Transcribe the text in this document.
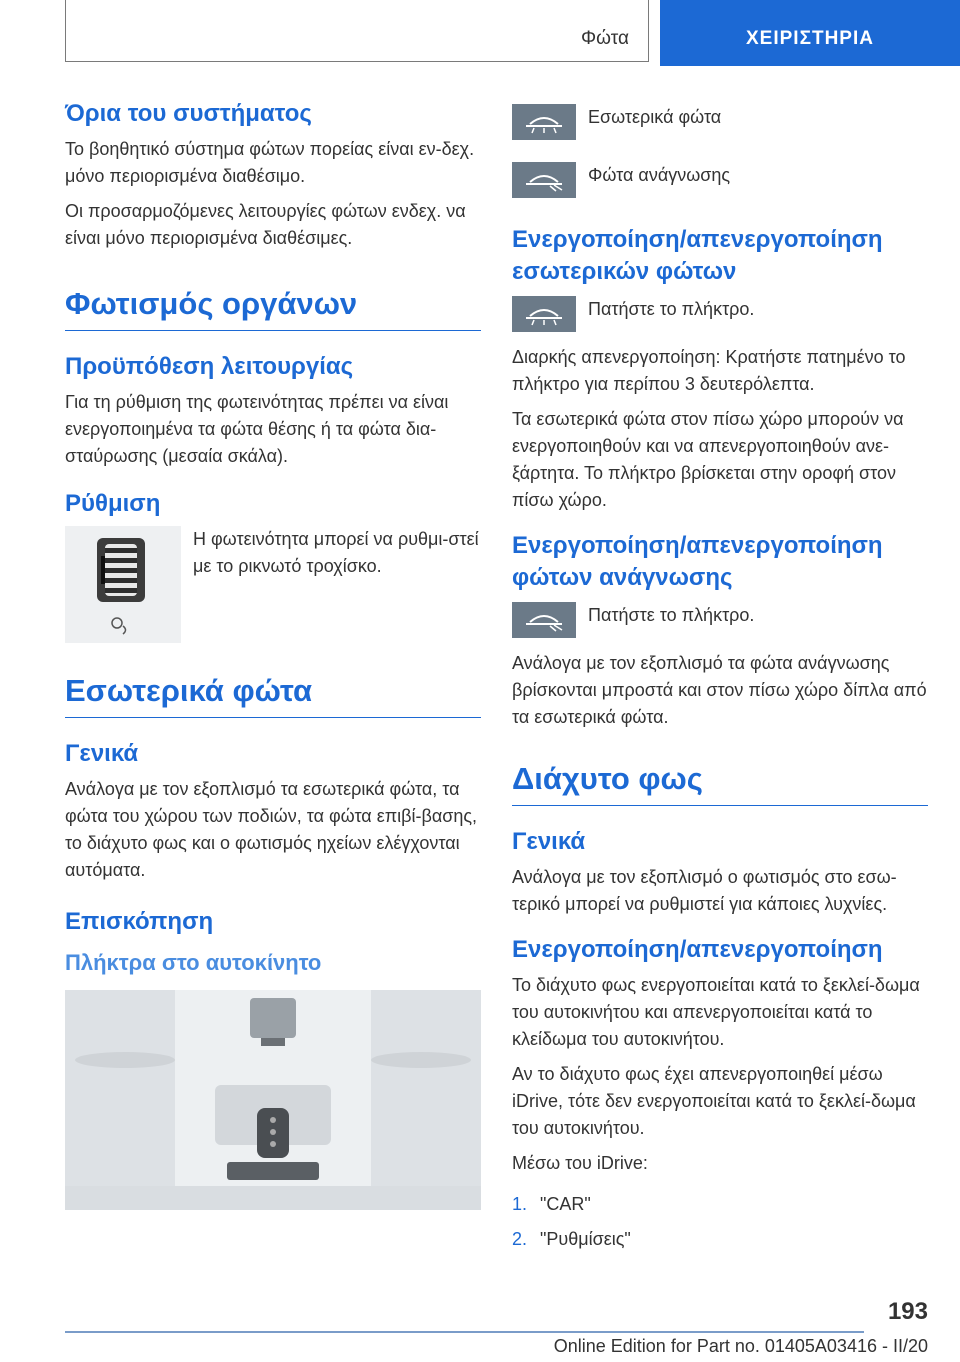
Φώτα	ΧΕΙΡΙΣΤΗΡΙΑ
Όρια του συστήματος

Το βοηθητικό σύστημα φώτων πορείας είναι εν-δεχ. μόνο περιορισμένα διαθέσιμο.

Οι προσαρμοζόμενες λειτουργίες φώτων ενδεχ. να είναι μόνο περιορισμένα διαθέσιμες.

Φωτισμός οργάνων
Προϋπόθεση λειτουργίας

Για τη ρύθμιση της φωτεινότητας πρέπει να είναι ενεργοποιημένα τα φώτα θέσης ή τα φώτα δια-σταύρωσης (μεσαία σκάλα).

Ρύθμιση

Η φωτεινότητα μπορεί να ρυθμι-στεί με το ρικνωτό τροχίσκο.

Εσωτερικά φώτα
Γενικά

Ανάλογα με τον εξοπλισμό τα εσωτερικά φώτα, τα φώτα του χώρου των ποδιών, τα φώτα επιβί-βασης, το διάχυτο φως και ο φωτισμός ηχείων ελέγχονται αυτόματα.

Επισκόπηση
Πλήκτρα στο αυτοκίνητο

Εσωτερικά φώτα

Φώτα ανάγνωσης

Ενεργοποίηση/απενεργοποίηση εσωτερικών φώτων

Πατήστε το πλήκτρο.

Διαρκής απενεργοποίηση: Κρατήστε πατημένο το πλήκτρο για περίπου 3 δευτερόλεπτα.

Τα εσωτερικά φώτα στον πίσω χώρο μπορούν να ενεργοποιηθούν και να απενεργοποιηθούν ανε-ξάρτητα. Το πλήκτρο βρίσκεται στην οροφή στον πίσω χώρο.

Ενεργοποίηση/απενεργοποίηση φώτων ανάγνωσης

Πατήστε το πλήκτρο.

Ανάλογα με τον εξοπλισμό τα φώτα ανάγνωσης βρίσκονται μπροστά και στον πίσω χώρο δίπλα από τα εσωτερικά φώτα.

Διάχυτο φως
Γενικά

Ανάλογα με τον εξοπλισμό ο φωτισμός στο εσω-τερικό μπορεί να ρυθμιστεί για κάποιες λυχνίες.

Ενεργοποίηση/απενεργοποίηση

Το διάχυτο φως ενεργοποιείται κατά το ξεκλεί-δωμα του αυτοκινήτου και απενεργοποιείται κατά το κλείδωμα του αυτοκινήτου.

Αν το διάχυτο φως έχει απενεργοποιηθεί μέσω iDrive, τότε δεν ενεργοποιείται κατά το ξεκλεί-δωμα του αυτοκινήτου.

Μέσω του iDrive:

1. "CAR"
2. "Ρυθμίσεις"
193
Online Edition for Part no. 01405A03416 - II/20
